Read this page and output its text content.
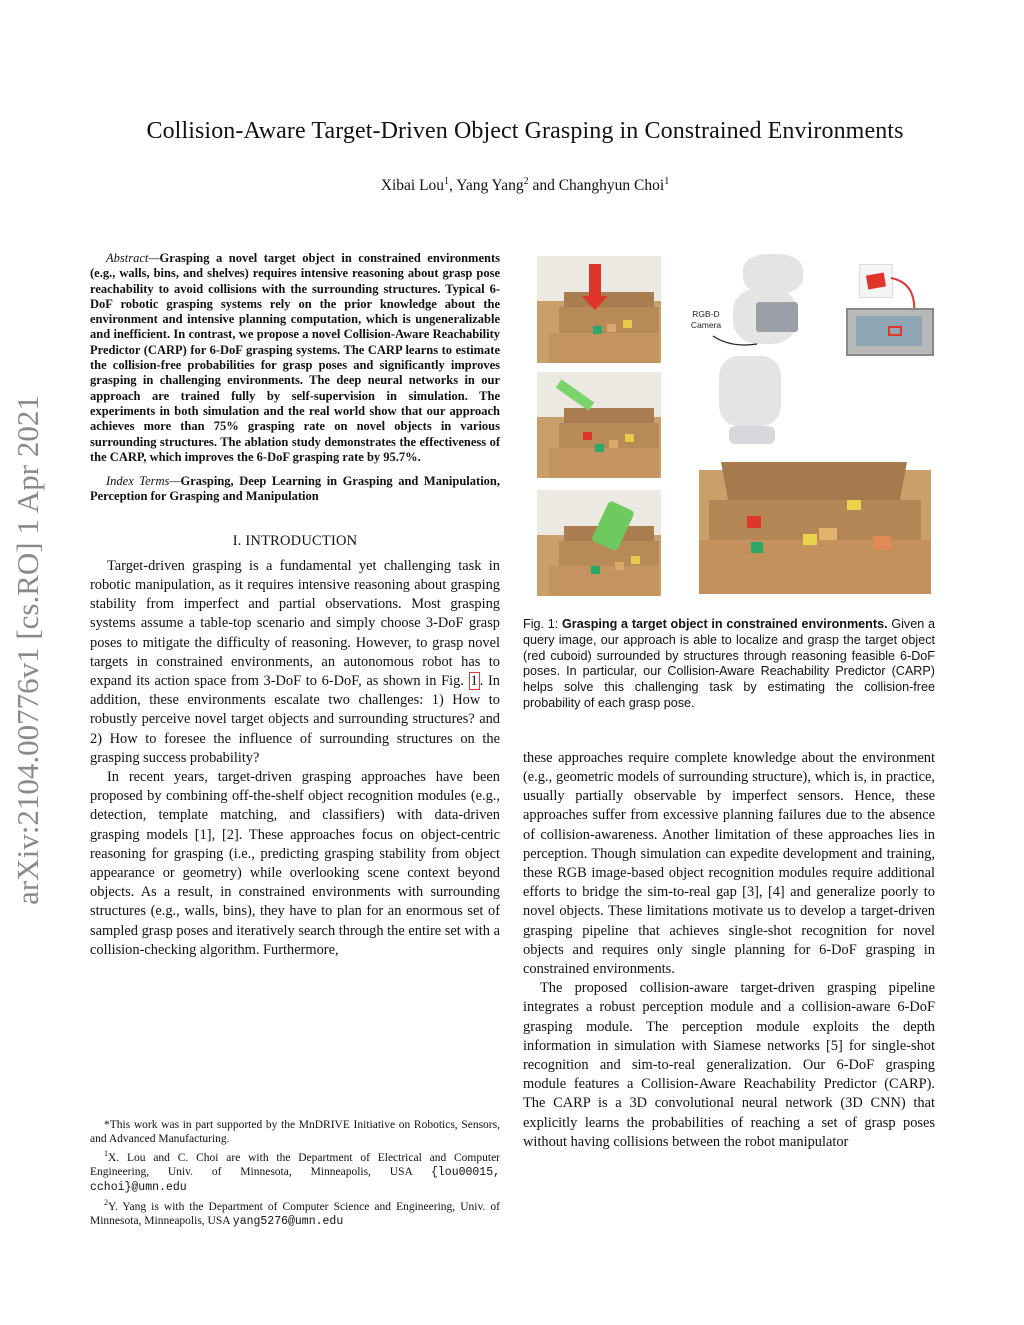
arXiv:2104.00776v1 [cs.RO] 1 Apr 2021
Collision-Aware Target-Driven Object Grasping in Constrained Environments
Xibai Lou$^1$, Yang Yang$^2$ and Changhyun Choi$^1$

Abstract—Grasping a novel target object in constrained environments (e.g., walls, bins, and shelves) requires intensive reasoning about grasp pose reachability to avoid collisions with the surrounding structures. Typical 6-DoF robotic grasping systems rely on the prior knowledge about the environment and intensive planning computation, which is ungeneralizable and inefficient. In contrast, we propose a novel Collision-Aware Reachability Predictor (CARP) for 6-DoF grasping systems. The CARP learns to estimate the collision-free probabilities for grasp poses and significantly improves grasping in challenging environments. The deep neural networks in our approach are trained fully by self-supervision in simulation. The experiments in both simulation and the real world show that our approach achieves more than 75% grasping rate on novel objects in various surrounding structures. The ablation study demonstrates the effectiveness of the CARP, which improves the 6-DoF grasping rate by 95.7%.

Index Terms—Grasping, Deep Learning in Grasping and Manipulation, Perception for Grasping and Manipulation

I. INTRODUCTION

Target-driven grasping is a fundamental yet challenging task in robotic manipulation, as it requires intensive reasoning about grasping stability from imperfect and partial observations. Most grasping systems assume a table-top scenario and simply choose 3-DoF grasp poses to mitigate the difficulty of reasoning. However, to grasp novel targets in constrained environments, an autonomous robot has to expand its action space from 3-DoF to 6-DoF, as shown in Fig. 1 . In addition, these environments escalate two challenges: 1) How to robustly perceive novel target objects and surrounding structures? and 2) How to foresee the influence of surrounding structures on the grasping success probability?

In recent years, target-driven grasping approaches have been proposed by combining off-the-shelf object recognition modules (e.g., detection, template matching, and classifiers) with data-driven grasping models [1], [2]. These approaches focus on object-centric reasoning for grasping (i.e., predicting grasping stability from object appearance or geometry) while overlooking scene context beyond objects. As a result, in constrained environments with surrounding structures (e.g., walls, bins), they have to plan for an enormous set of sampled grasp poses and iteratively search through the entire set with a collision-checking algorithm. Furthermore,

*This work was in part supported by the MnDRIVE Initiative on Robotics, Sensors, and Advanced Manufacturing.

$^1$X. Lou and C. Choi are with the Department of Electrical and Computer Engineering, Univ. of Minnesota, Minneapolis, USA {lou00015, cchoi}@umn.edu

$^2$Y. Yang is with the Department of Computer Science and Engineering, Univ. of Minnesota, Minneapolis, USA yang5276@umn.edu

RGB-D
Camera

Fig. 1: Grasping a target object in constrained environments. Given a query image, our approach is able to localize and grasp the target object (red cuboid) surrounded by structures through reasoning feasible 6-DoF poses. In particular, our Collision-Aware Reachability Predictor (CARP) helps solve this challenging task by estimating the collision-free probability of each grasp pose.

these approaches require complete knowledge about the environment (e.g., geometric models of surrounding structure), which is, in practice, usually partially observable by imperfect sensors. Hence, these approaches suffer from excessive planning failures due to the absence of collision-awareness. Another limitation of these approaches lies in perception. Though simulation can expedite development and training, these RGB image-based object recognition modules require additional efforts to bridge the sim-to-real gap [3], [4] and generalize poorly to novel objects. These limitations motivate us to develop a target-driven grasping pipeline that achieves single-shot recognition for novel objects and requires only single planning for 6-DoF grasping in constrained environments.

The proposed collision-aware target-driven grasping pipeline integrates a robust perception module and a collision-aware 6-DoF grasping module. The perception module exploits the depth information in simulation with Siamese networks [5] for single-shot recognition and sim-to-real generalization. Our 6-DoF grasping module features a Collision-Aware Reachability Predictor (CARP). The CARP is a 3D convolutional neural network (3D CNN) that explicitly learns the probabilities of reaching a set of grasp poses without having collisions between the robot manipulator
